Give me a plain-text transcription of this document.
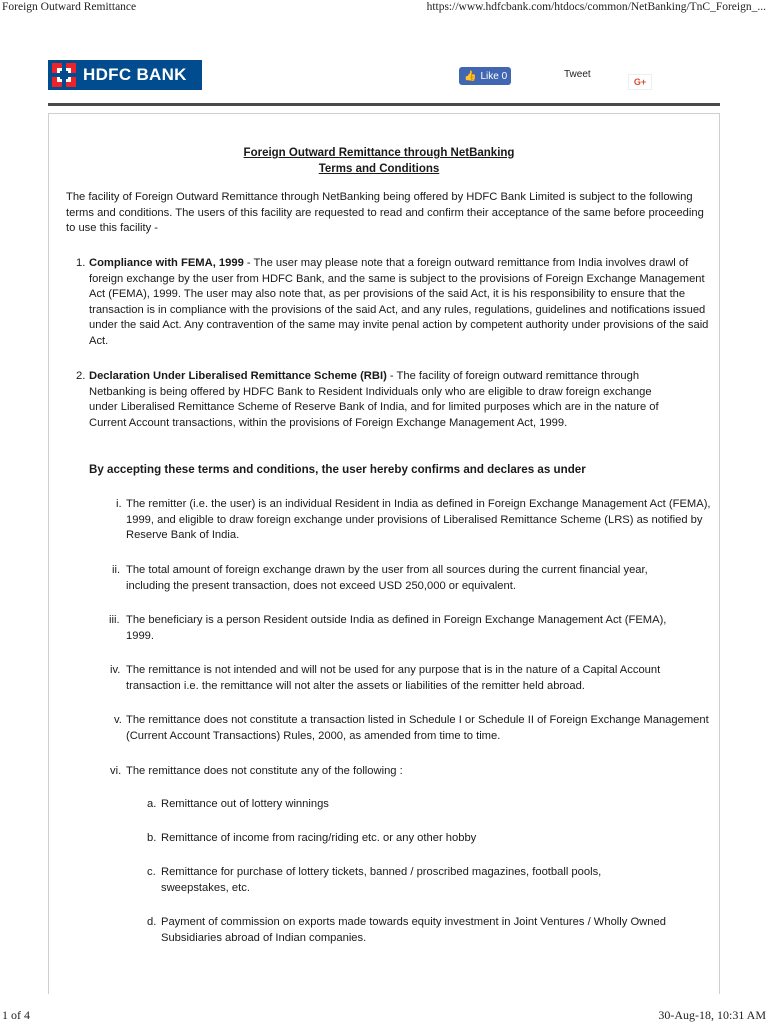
Foreign Outward Remittance	https://www.hdfcbank.com/htdocs/common/NetBanking/TnC_Foreign_...
HDFC BANK	👍 Like 0	Tweet
G+
Foreign Outward Remittance through NetBanking
Terms and Conditions
The facility of Foreign Outward Remittance through NetBanking being offered by HDFC Bank Limited is subject to the following terms and conditions. The users of this facility are requested to read and confirm their acceptance of the same before proceeding to use this facility -
1. Compliance with FEMA, 1999 - The user may please note that a foreign outward remittance from India involves drawl of foreign exchange by the user from HDFC Bank, and the same is subject to the provisions of Foreign Exchange Management Act (FEMA), 1999. The user may also note that, as per provisions of the said Act, it is his responsibility to ensure that the transaction is in compliance with the provisions of the said Act, and any rules, regulations, guidelines and notifications issued under the said Act. Any contravention of the same may invite penal action by competent authority under provisions of the said Act.
2. Declaration Under Liberalised Remittance Scheme (RBI) - The facility of foreign outward remittance through Netbanking is being offered by HDFC Bank to Resident Individuals only who are eligible to draw foreign exchange under Liberalised Remittance Scheme of Reserve Bank of India, and for limited purposes which are in the nature of Current Account transactions, within the provisions of Foreign Exchange Management Act, 1999.
By accepting these terms and conditions, the user hereby confirms and declares as under
i. The remitter (i.e. the user) is an individual Resident in India as defined in Foreign Exchange Management Act (FEMA), 1999, and eligible to draw foreign exchange under provisions of Liberalised Remittance Scheme (LRS) as notified by Reserve Bank of India.
ii. The total amount of foreign exchange drawn by the user from all sources during the current financial year, including the present transaction, does not exceed USD 250,000 or equivalent.
iii. The beneficiary is a person Resident outside India as defined in Foreign Exchange Management Act (FEMA), 1999.
iv. The remittance is not intended and will not be used for any purpose that is in the nature of a Capital Account transaction i.e. the remittance will not alter the assets or liabilities of the remitter held abroad.
v. The remittance does not constitute a transaction listed in Schedule I or Schedule II of Foreign Exchange Management (Current Account Transactions) Rules, 2000, as amended from time to time.
vi. The remittance does not constitute any of the following :
a. Remittance out of lottery winnings
b. Remittance of income from racing/riding etc. or any other hobby
c. Remittance for purchase of lottery tickets, banned / proscribed magazines, football pools, sweepstakes, etc.
d. Payment of commission on exports made towards equity investment in Joint Ventures / Wholly Owned Subsidiaries abroad of Indian companies.
1 of 4	30-Aug-18, 10:31 AM
